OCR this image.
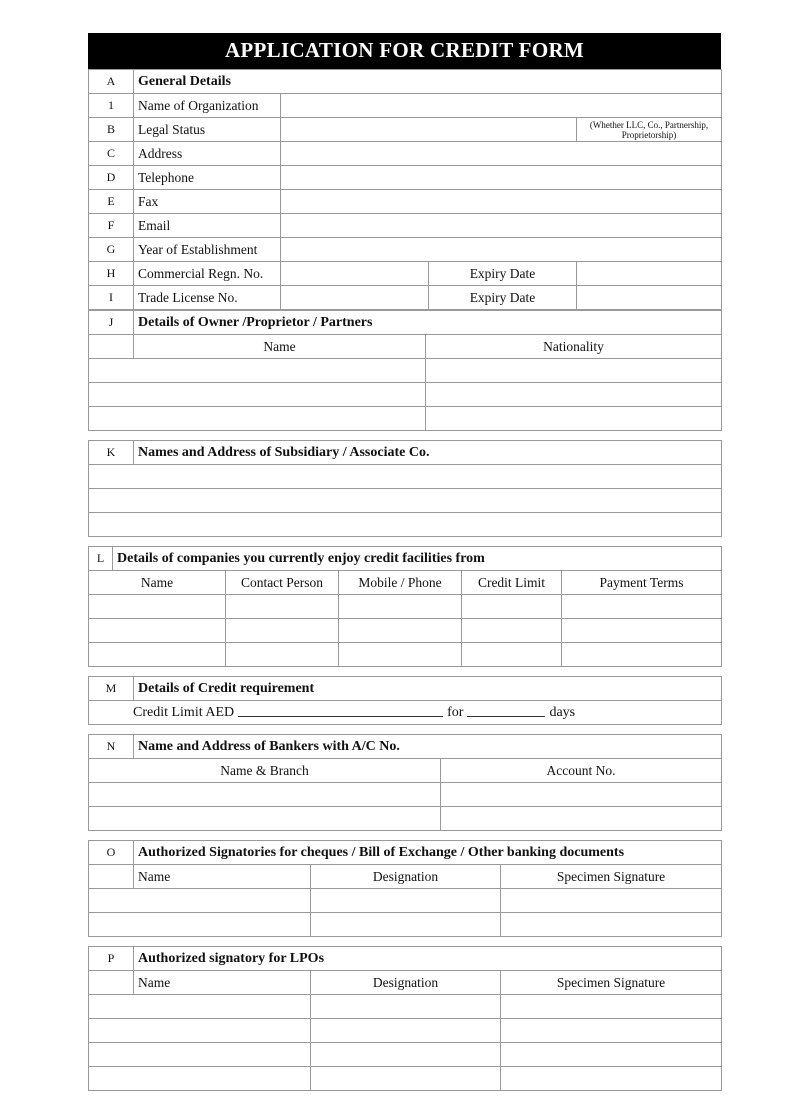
APPLICATION FOR CREDIT FORM
A	General Details			
1	Name of Organization			
B	Legal Status			(Whether LLC, Co., Partnership, Proprietorship)
C	Address			
D	Telephone			
E	Fax			
F	Email			
G	Year of Establishment			
H	Commercial Regn. No.		Expiry Date	
I	Trade License No.		Expiry Date	
J	Details of Owner /Proprietor / Partners	
	Name	Nationality

K	Names and Address of Subsidiary / Associate Co.

L	Details of companies you currently enjoy credit facilities from				
Name		Contact Person	Mobile / Phone	Credit Limit	Payment Terms

M	Details of Credit requirement
Credit Limit AED	for	days
N	Name and Address of Bankers with A/C No.	
Name & Branch		Account No.

O	Authorized Signatories for cheques / Bill of Exchange / Other banking documents		
	Name	Designation	Specimen Signature

P	Authorized signatory for LPOs		
	Name	Designation	Specimen Signature
